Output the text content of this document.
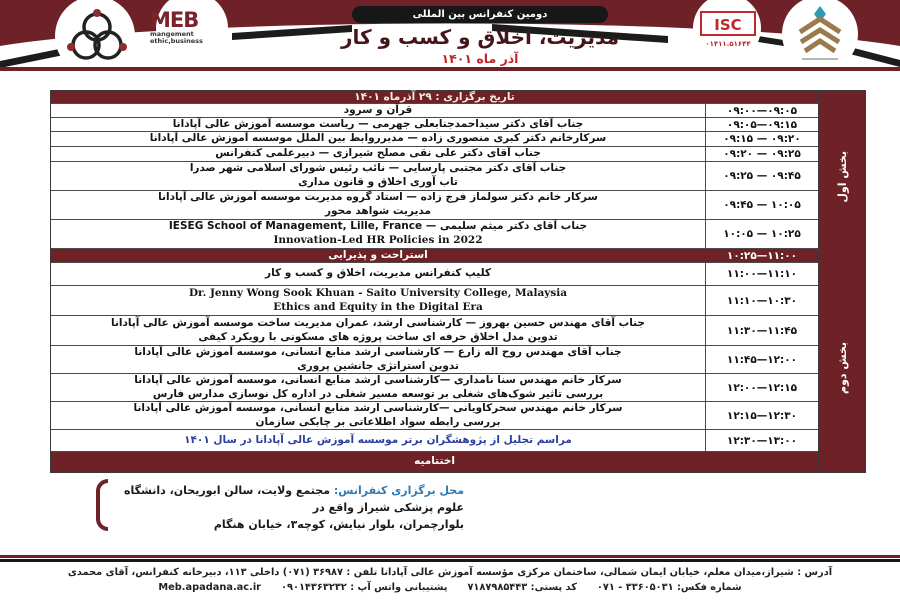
دومین کنفرانس بین المللی
مدیریت، اخلاق و کسب و کار
آذر ماه ۱۴۰۱
MEB
mangement
ethic,business
ISC
۰۱۴۱۱.۵۱۶۴۴
تاریخ برگزاری : ۲۹ آذرماه ۱۴۰۱
قرآن و سرود	۰۹:۰۰—۰۹:۰۵
جناب آقای دکتر سیداحمدجنابعلی جهرمی — ریاست موسسه آموزش عالی آپادانا	۰۹:۰۵—۰۹:۱۵
سرکارخانم دکتر کبری منصوری زاده — مدیرروابط بین الملل موسسه آموزش عالی آپادانا	۰۹:۱۵ — ۰۹:۲۰
جناب آقای دکتر علی نقی مصلح شیرازی — دبیرعلمی کنفرانس	۰۹:۲۰ — ۰۹:۲۵
جناب آقای دکتر مجتبی پارسایی — نائب رئیس شورای اسلامی شهر صدرا
تاب آوری اخلاق و قانون مداری	۰۹:۲۵ — ۰۹:۴۵
سرکار خانم دکتر سولماز فرج زاده — استاد گروه مدیریت موسسه آموزش عالی آپادانا
مدیریت شواهد محور	۰۹:۴۵ — ۱۰:۰۵
جناب آقای دکتر میثم سلیمی — IESEG School of Management, Lille, France
Innovation-Led HR Policies in 2022	۱۰:۰۵ — ۱۰:۲۵
استراحت و پذیرایی	۱۰:۲۵—۱۱:۰۰
کلیپ کنفرانس مدیریت، اخلاق و کسب و کار	۱۱:۰۰—۱۱:۱۰
Dr. Jenny Wong Sook Khuan - Saito University College, Malaysia
Ethics and Equity in the Digital Era	۱۱:۱۰—۱۰:۳۰
جناب آقای مهندس حسین بهروز — کارشناسی ارشد، عمران مدیریت ساخت موسسه آموزش عالی آپادانا
تدوین مدل اخلاق حرفه ای ساخت پروژه های مسکونی با رویکرد کیفی	۱۱:۳۰—۱۱:۴۵
جناب آقای مهندس روح اله زارع — کارشناسی ارشد منابع انسانی، موسسه آموزش عالی آپادانا
تدوین استراتژی جانشین پروری	۱۱:۴۵—۱۲:۰۰
سرکار خانم مهندس سنا نامداری —کارشناسی ارشد منابع انسانی، موسسه آموزش عالی آپادانا
بررسی تاثیر شوک‌های شغلی بر توسعه مسیر شغلی در اداره کل نوسازی مدارس فارس	۱۲:۰۰—۱۲:۱۵
سرکار خانم مهندس سحرکاویانی —کارشناسی ارشد منابع انسانی، موسسه آموزش عالی آپادانا
بررسی رابطه سواد اطلاعاتی بر چابکی سازمان	۱۲:۱۵—۱۲:۳۰
مراسم تجلیل از پژوهشگران برتر موسسه آموزش عالی آپادانا در سال ۱۴۰۱	۱۲:۳۰—۱۳:۰۰
اختتامیه
بخش اول
بخش دوم
محل برگزاری کنفرانس: مجتمع ولایت، سالن ابوریحان، دانشگاه علوم پزشکی شیراز واقع در
بلوارچمران، بلوار نیایش، کوچه۳، خیابان هنگام
آدرس : شیراز،میدان معلم، خیابان ایمان شمالی، ساختمان مرکزی مؤسسه آموزش عالی آپادانا تلفن : ۳۶۹۸۷ (۰۷۱) داخلی ۱۱۳، دبیرخانه کنفرانس، آقای محمدی
شماره فکس: ۳۳۶۰۵۰۳۱ - ۰۷۱
کد پستی: ۷۱۸۷۹۸۵۴۴۳
پشتیبانی واتس آپ : ۰۹۰۱۴۳۶۳۲۳۲
Meb.apadana.ac.ir
